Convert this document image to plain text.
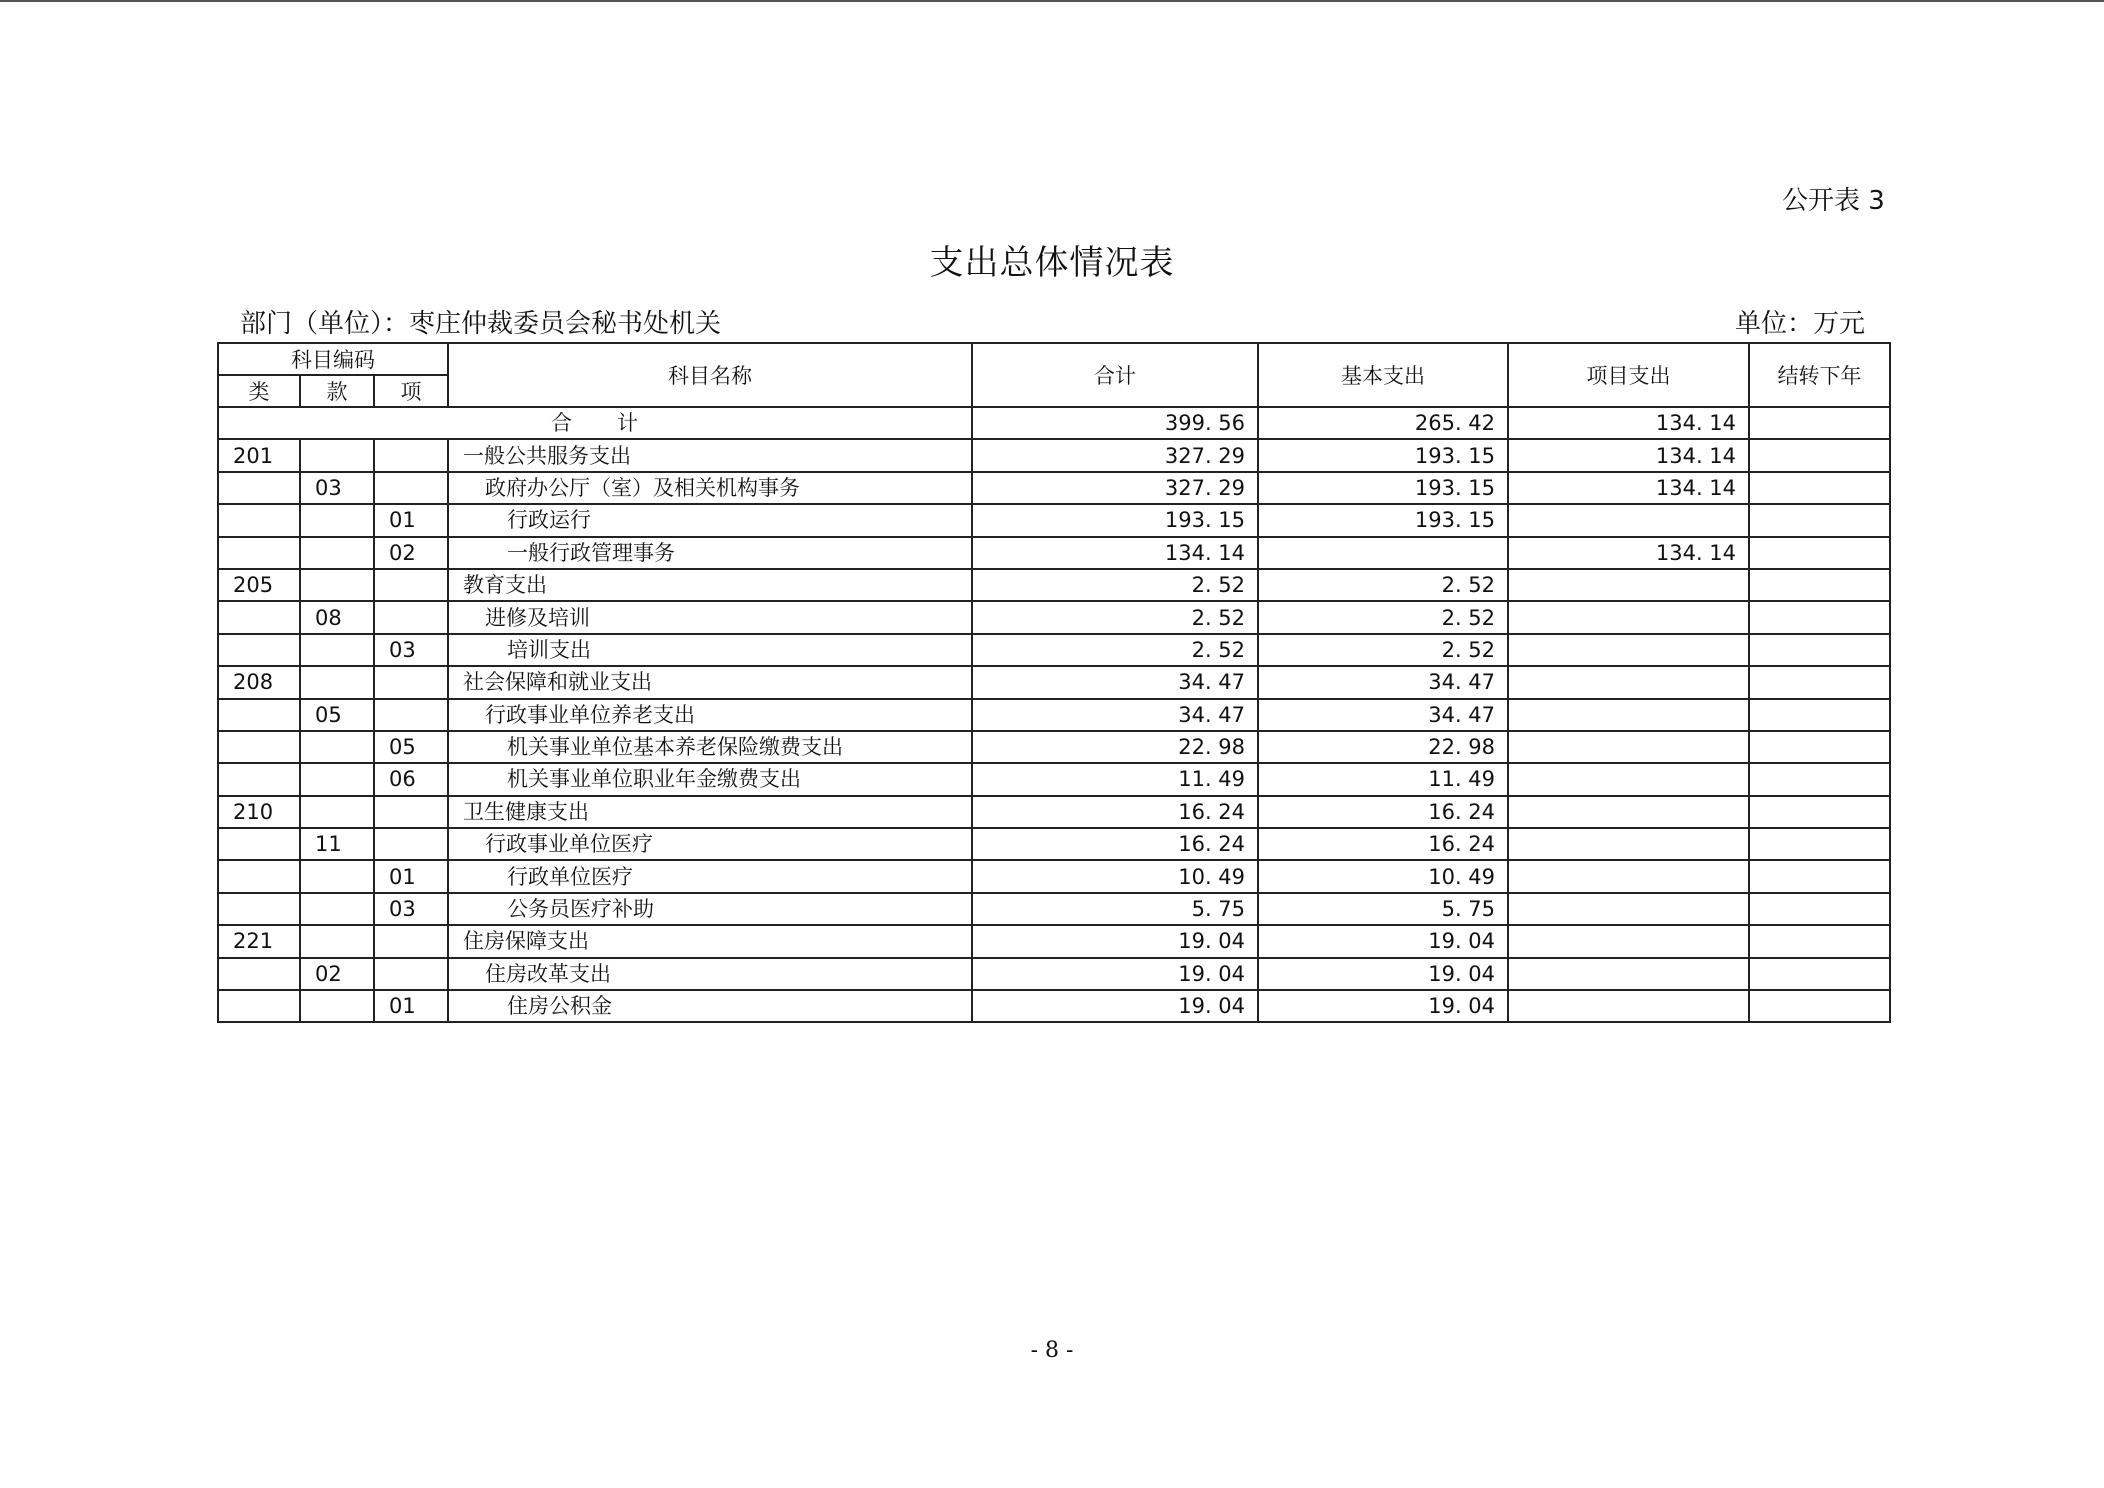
公开表 3
支出总体情况表
部门（单位）：枣庄仲裁委员会秘书处机关	单位：万元
科目编码			科目名称	合计	基本支出	项目支出	结转下年
类	款	项					
合　　计				399. 56	265. 42	134. 14	
201			一般公共服务支出	327. 29	193. 15	134. 14	
	03		政府办公厅（室）及相关机构事务	327. 29	193. 15	134. 14	
		01	行政运行	193. 15	193. 15		
		02	一般行政管理事务	134. 14		134. 14	
205			教育支出	2. 52	2. 52		
	08		进修及培训	2. 52	2. 52		
		03	培训支出	2. 52	2. 52		
208			社会保障和就业支出	34. 47	34. 47		
	05		行政事业单位养老支出	34. 47	34. 47		
		05	机关事业单位基本养老保险缴费支出	22. 98	22. 98		
		06	机关事业单位职业年金缴费支出	11. 49	11. 49		
210			卫生健康支出	16. 24	16. 24		
	11		行政事业单位医疗	16. 24	16. 24		
		01	行政单位医疗	10. 49	10. 49		
		03	公务员医疗补助	5. 75	5. 75		
221			住房保障支出	19. 04	19. 04		
	02		住房改革支出	19. 04	19. 04		
		01	住房公积金	19. 04	19. 04		
- 8 -
